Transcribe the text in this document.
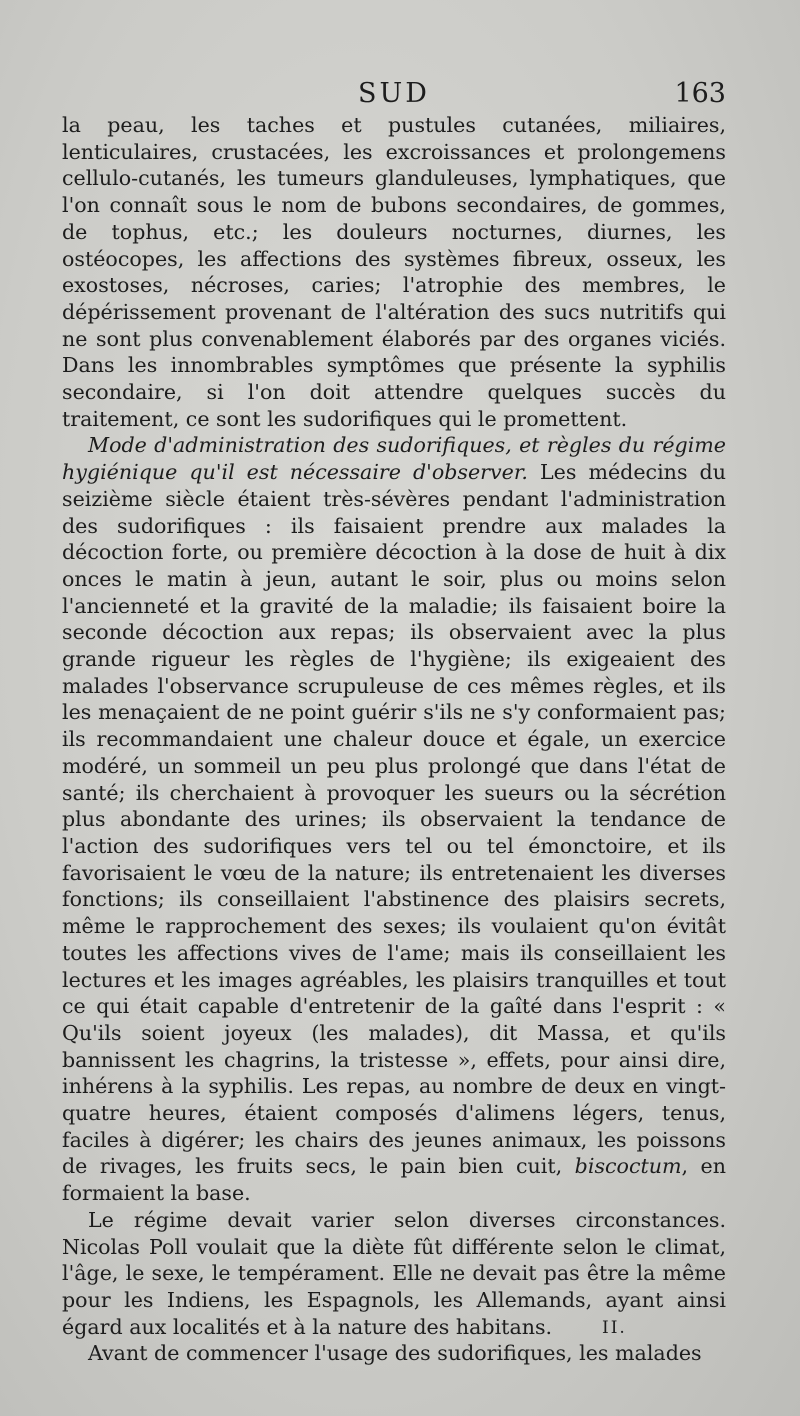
SUD	163

la peau, les taches et pustules cutanées, miliaires, lenticulaires, crustacées, les excroissances et prolongemens cellulo-cutanés, les tumeurs glanduleuses, lymphatiques, que l'on connaît sous le nom de bubons secondaires, de gommes, de tophus, etc.; les douleurs nocturnes, diurnes, les ostéocopes, les affections des systèmes fibreux, osseux, les exostoses, nécroses, caries; l'atrophie des membres, le dépérissement provenant de l'altération des sucs nutritifs qui ne sont plus convenablement élaborés par des organes viciés. Dans les innombrables symptômes que présente la syphilis secondaire, si l'on doit attendre quelques succès du traitement, ce sont les sudorifiques qui le promettent.

Mode d'administration des sudorifiques, et règles du régime hygiénique qu'il est nécessaire d'observer. Les médecins du seizième siècle étaient très-sévères pendant l'administration des sudorifiques : ils faisaient prendre aux malades la décoction forte, ou première décoction à la dose de huit à dix onces le matin à jeun, autant le soir, plus ou moins selon l'ancienneté et la gravité de la maladie; ils faisaient boire la seconde décoction aux repas; ils observaient avec la plus grande rigueur les règles de l'hygiène; ils exigeaient des malades l'observance scrupuleuse de ces mêmes règles, et ils les menaçaient de ne point guérir s'ils ne s'y conformaient pas; ils recommandaient une chaleur douce et égale, un exercice modéré, un sommeil un peu plus prolongé que dans l'état de santé; ils cherchaient à provoquer les sueurs ou la sécrétion plus abondante des urines; ils observaient la tendance de l'action des sudorifiques vers tel ou tel émonctoire, et ils favorisaient le vœu de la nature; ils entretenaient les diverses fonctions; ils conseillaient l'abstinence des plaisirs secrets, même le rapprochement des sexes; ils voulaient qu'on évitât toutes les affections vives de l'ame; mais ils conseillaient les lectures et les images agréables, les plaisirs tranquilles et tout ce qui était capable d'entretenir de la gaîté dans l'esprit : « Qu'ils soient joyeux (les malades), dit Massa, et qu'ils bannissent les chagrins, la tristesse », effets, pour ainsi dire, inhérens à la syphilis. Les repas, au nombre de deux en vingt-quatre heures, étaient composés d'alimens légers, tenus, faciles à digérer; les chairs des jeunes animaux, les poissons de rivages, les fruits secs, le pain bien cuit, biscoctum, en formaient la base.

Le régime devait varier selon diverses circonstances. Nicolas Poll voulait que la diète fût différente selon le climat, l'âge, le sexe, le tempérament. Elle ne devait pas être la même pour les Indiens, les Espagnols, les Allemands, ayant ainsi égard aux localités et à la nature des habitans.

Avant de commencer l'usage des sudorifiques, les malades

II.
